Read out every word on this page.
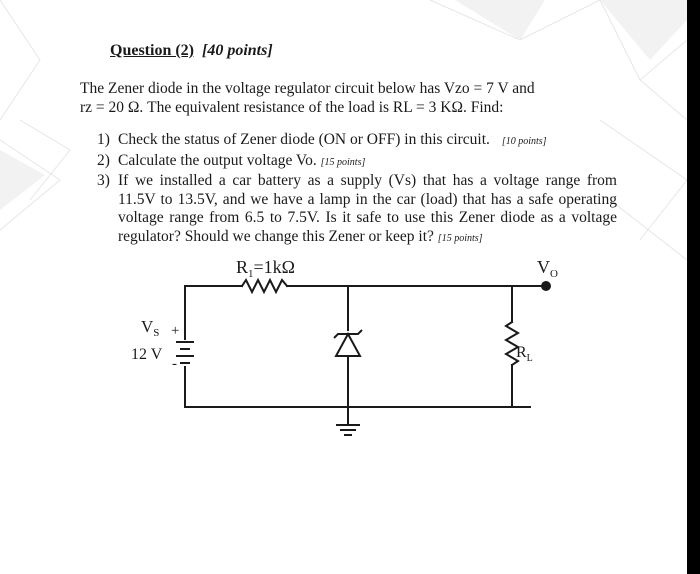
Question (2) [40 points]
The Zener diode in the voltage regulator circuit below has Vzo = 7 V and
rz = 20 Ω. The equivalent resistance of the load is RL = 3 KΩ. Find:
1) Check the status of Zener diode (ON or OFF) in this circuit. [10 points]
2) Calculate the output voltage Vo. [15 points]
3) If we installed a car battery as a supply (Vs) that has a voltage range from 11.5V to 13.5V, and we have a lamp in the car (load) that has a safe operating voltage range from 6.5 to 7.5V. Is it safe to use this Zener diode as a voltage regulator? Should we change this Zener or keep it? [15 points]
$R_1=1k\Omega$	$V_O$
$V_S$ +
12 V
-
$R_L$
